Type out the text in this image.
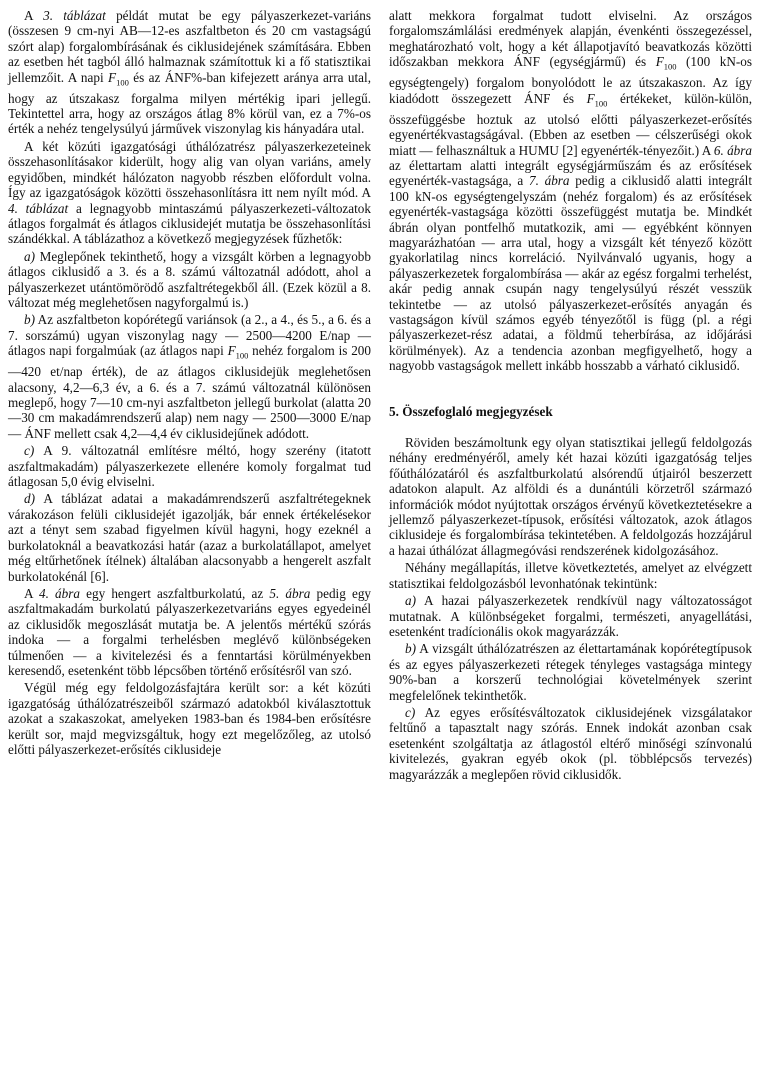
A 3. táblázat példát mutat be egy pályaszerkezet-variáns (összesen 9 cm-nyi AB—12-es aszfaltbeton és 20 cm vastagságú szórt alap) forgalombírásának és ciklusidejének számítására. Ebben az esetben hét tagból álló halmaznak számítottuk ki a fő statisztikai jellemzőit. A napi $F_{100}$ és az ÁNF%-ban kifejezett aránya arra utal, hogy az útszakasz forgalma milyen mértékig ipari jellegű. Tekintettel arra, hogy az országos átlag 8% körül van, ez a 7%-os érték a nehéz tengelysúlyú járművek viszonylag kis hányadára utal.

A két közúti igazgatósági úthálózatrész pályaszerkezeteinek összehasonlításakor kiderült, hogy alig van olyan variáns, amely egyidőben, mindkét hálózaton nagyobb részben előfordult volna. Így az igazgatóságok közötti összehasonlításra itt nem nyílt mód. A 4. táblázat a legnagyobb mintaszámú pályaszerkezeti-változatok átlagos forgalmát és átlagos ciklusidejét mutatja be összehasonlítási szándékkal. A táblázathoz a következő megjegyzések fűzhetők:

a) Meglepőnek tekinthető, hogy a vizsgált körben a legnagyobb átlagos ciklusidő a 3. és a 8. számú változatnál adódott, ahol a pályaszerkezet utántömörödő aszfaltrétegekből áll. (Ezek közül a 8. változat még meglehetősen nagyforgalmú is.)

b) Az aszfaltbeton kopórétegű variánsok (a 2., a 4., és 5., a 6. és a 7. sorszámú) ugyan viszonylag nagy — 2500—4200 E/nap — átlagos napi forgalmúak (az átlagos napi $F_{100}$ nehéz forgalom is 200—420 et/nap érték), de az átlagos ciklusidejük meglehetősen alacsony, 4,2—6,3 év, a 6. és a 7. számú változatnál különösen meglepő, hogy 7—10 cm-nyi aszfaltbeton jellegű burkolat (alatta 20—30 cm makadámrendszerű alap) nem nagy — 2500—3000 E/nap — ÁNF mellett csak 4,2—4,4 év ciklusidejűnek adódott.

c) A 9. változatnál említésre méltó, hogy szerény (itatott aszfaltmakadám) pályaszerkezete ellenére komoly forgalmat tud átlagosan 5,0 évig elviselni.

d) A táblázat adatai a makadámrendszerű aszfaltrétegeknek várakozáson felüli ciklusidejét igazolják, bár ennek értékelésekor azt a tényt sem szabad figyelmen kívül hagyni, hogy ezeknél a burkolatoknál a beavatkozási határ (azaz a burkolatállapot, amelyet még eltűrhetőnek ítélnek) általában alacsonyabb a hengerelt aszfalt burkolatokénál [6].

A 4. ábra egy hengert aszfaltburkolatú, az 5. ábra pedig egy aszfaltmakadám burkolatú pályaszerkezetvariáns egyes egyedeinél az ciklusidők megoszlását mutatja be. A jelentős mértékű szórás indoka — a forgalmi terhelésben meglévő különbségeken túlmenően — a kivitelezési és a fenntartási körülményekben keresendő, esetenként több lépcsőben történő erősítésről van szó.

Végül még egy feldolgozásfajtára került sor: a két közúti igazgatóság úthálózatrészeiből származó adatokból kiválasztottuk azokat a szakaszokat, amelyeken 1983-ban és 1984-ben erősítésre került sor, majd megvizsgáltuk, hogy ezt megelőzőleg, az utolsó előtti pályaszerkezet-erősítés ciklusideje

alatt mekkora forgalmat tudott elviselni. Az országos forgalomszámlálási eredmények alapján, évenkénti összegezéssel, meghatározható volt, hogy a két állapotjavító beavatkozás közötti időszakban mekkora ÁNF (egységjármű) és $F_{100}$ (100 kN-os egységtengely) forgalom bonyolódott le az útszakaszon. Az így kiadódott összegezett ÁNF és $F_{100}$ értékeket, külön-külön, összefüggésbe hoztuk az utolsó előtti pályaszerkezet-erősítés egyenértékvastagságával. (Ebben az esetben — célszerűségi okok miatt — felhasználtuk a HUMU [2] egyenérték-tényezőit.) A 6. ábra az élettartam alatti integrált egységjárműszám és az erősítések egyenérték-vastagsága, a 7. ábra pedig a ciklusidő alatti integrált 100 kN-os egységtengelyszám (nehéz forgalom) és az erősítések egyenérték-vastagsága közötti összefüggést mutatja be. Mindkét ábrán olyan pontfelhő mutatkozik, ami — egyébként könnyen magyarázhatóan — arra utal, hogy a vizsgált két tényező között gyakorlatilag nincs korreláció. Nyilvánvaló ugyanis, hogy a pályaszerkezetek forgalombírása — akár az egész forgalmi terhelést, akár pedig annak csupán nagy tengelysúlyú részét vesszük tekintetbe — az utolsó pályaszerkezet-erősítés anyagán és vastagságon kívül számos egyéb tényezőtől is függ (pl. a régi pályaszerkezet-rész adatai, a földmű teherbírása, az időjárási körülmények). Az a tendencia azonban megfigyelhető, hogy a nagyobb vastagságok mellett inkább hosszabb a várható ciklusidő.

5. Összefoglaló megjegyzések

Röviden beszámoltunk egy olyan statisztikai jellegű feldolgozás néhány eredményéről, amely két hazai közúti igazgatóság teljes főúthálózatáról és aszfaltburkolatú alsórendű útjairól beszerzett adatokon alapult. Az alföldi és a dunántúli körzetről származó információk módot nyújtottak országos érvényű következtetésekre a jellemző pályaszerkezet-típusok, erősítési változatok, azok átlagos ciklusideje és forgalombírása tekintetében. A feldolgozás hozzájárul a hazai úthálózat állagmegóvási rendszerének kidolgozásához.

Néhány megállapítás, illetve következtetés, amelyet az elvégzett statisztikai feldolgozásból levonhatónak tekintünk:

a) A hazai pályaszerkezetek rendkívül nagy változatosságot mutatnak. A különbségeket forgalmi, természeti, anyagellátási, esetenként tradícionális okok magyarázzák.

b) A vizsgált úthálózatrészen az élettartamának kopórétegtípusok és az egyes pályaszerkezeti rétegek tényleges vastagsága mintegy 90%-ban a korszerű technológiai követelmények szerint megfelelőnek tekinthetők.

c) Az egyes erősítésváltozatok ciklusidejének vizsgálatakor feltűnő a tapasztalt nagy szórás. Ennek indokát azonban csak esetenként szolgáltatja az átlagostól eltérő minőségi színvonalú kivitelezés, gyakran egyéb okok (pl. többlépcsős tervezés) magyarázzák a meglepően rövid ciklusidők.
